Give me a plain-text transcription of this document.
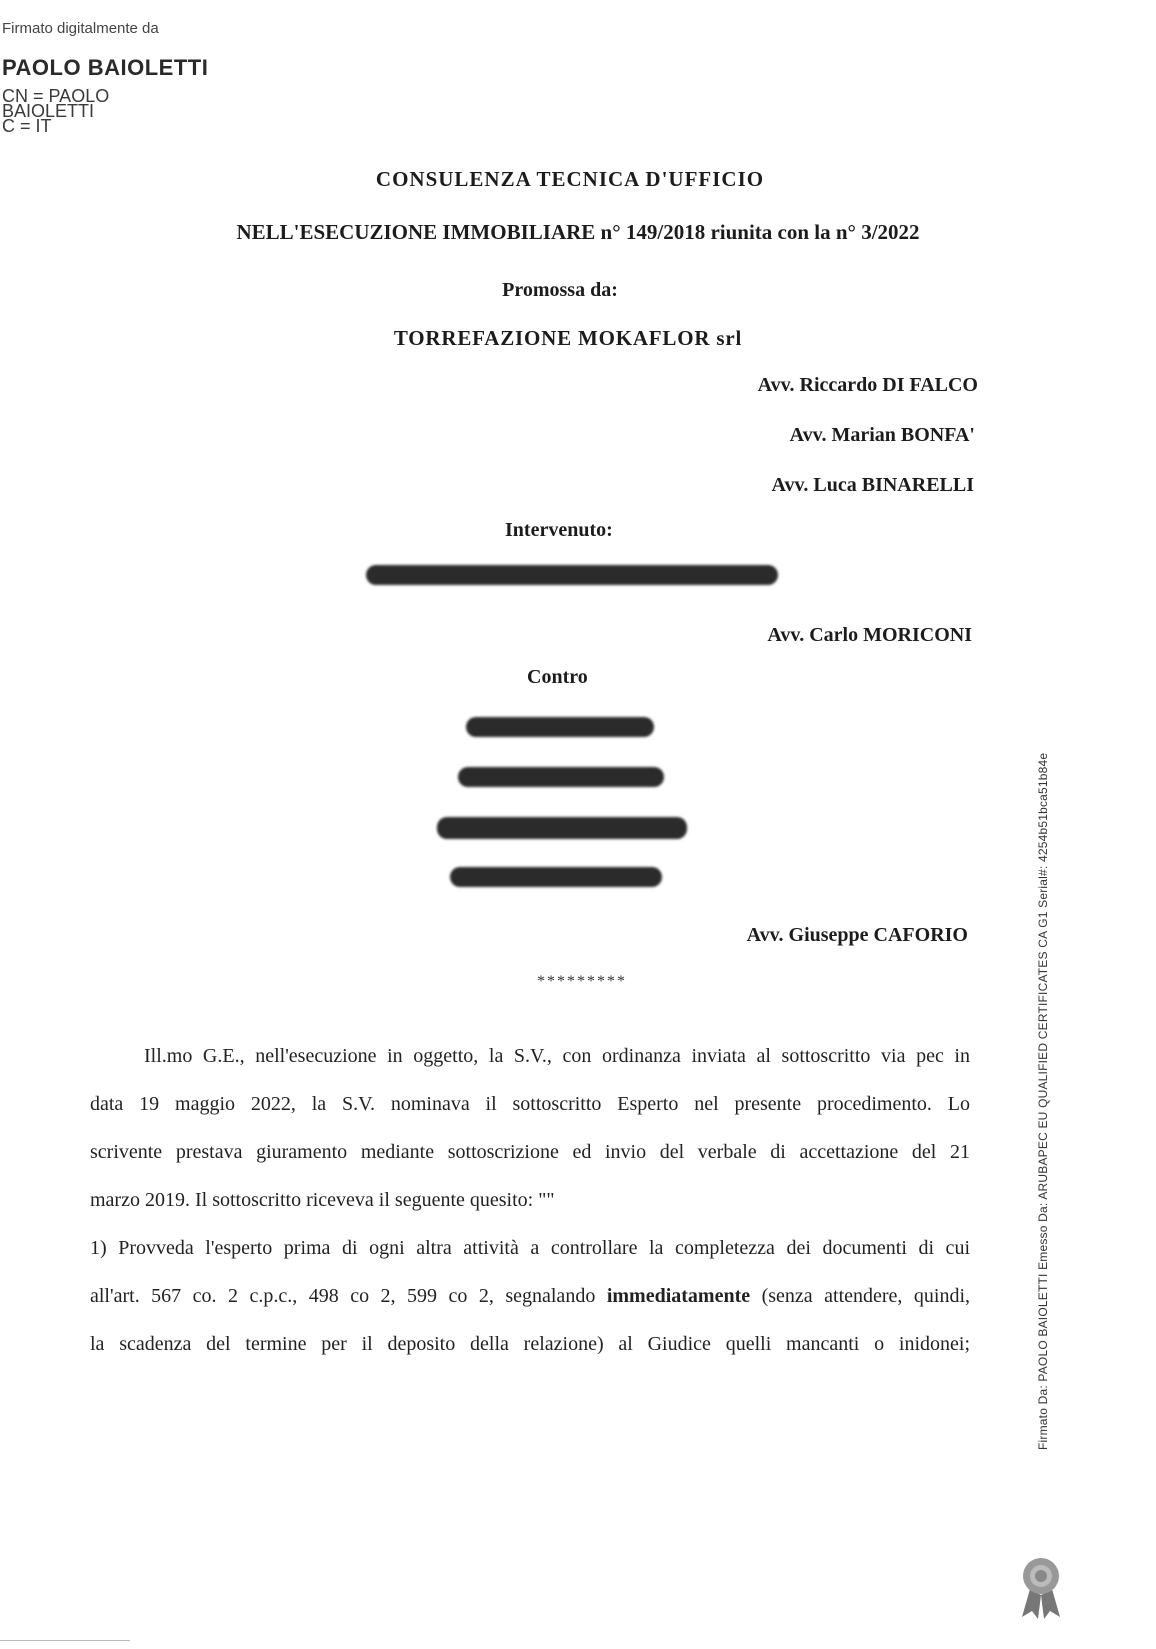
Firmato digitalmente da
PAOLO BAIOLETTI
CN = PAOLO
BAIOLETTI
C = IT
CONSULENZA TECNICA D'UFFICIO
NELL'ESECUZIONE IMMOBILIARE n° 149/2018 riunita con la n° 3/2022
Promossa da:
TORREFAZIONE MOKAFLOR srl
Avv. Riccardo DI FALCO
Avv. Marian BONFA'
Avv. Luca BINARELLI
Intervenuto:
Avv. Carlo MORICONI
Contro
Avv. Giuseppe CAFORIO
*********

Ill.mo G.E., nell'esecuzione in oggetto, la S.V., con ordinanza inviata al sottoscritto via pec in

data 19 maggio 2022, la S.V. nominava il sottoscritto Esperto nel presente procedimento. Lo

scrivente prestava giuramento mediante sottoscrizione ed invio del verbale di accettazione del 21

marzo 2019. Il sottoscritto riceveva il seguente quesito: ""

1) Provveda l'esperto prima di ogni altra attività a controllare la completezza dei documenti di cui

all'art. 567 co. 2 c.p.c., 498 co 2, 599 co 2, segnalando immediatamente (senza attendere, quindi,

la scadenza del termine per il deposito della relazione) al Giudice quelli mancanti o inidonei;	Firmato Da: PAOLO BAIOLETTI Emesso Da: ARUBAPEC EU QUALIFIED CERTIFICATES CA G1 Serial#: 4254b51bca51b84e
